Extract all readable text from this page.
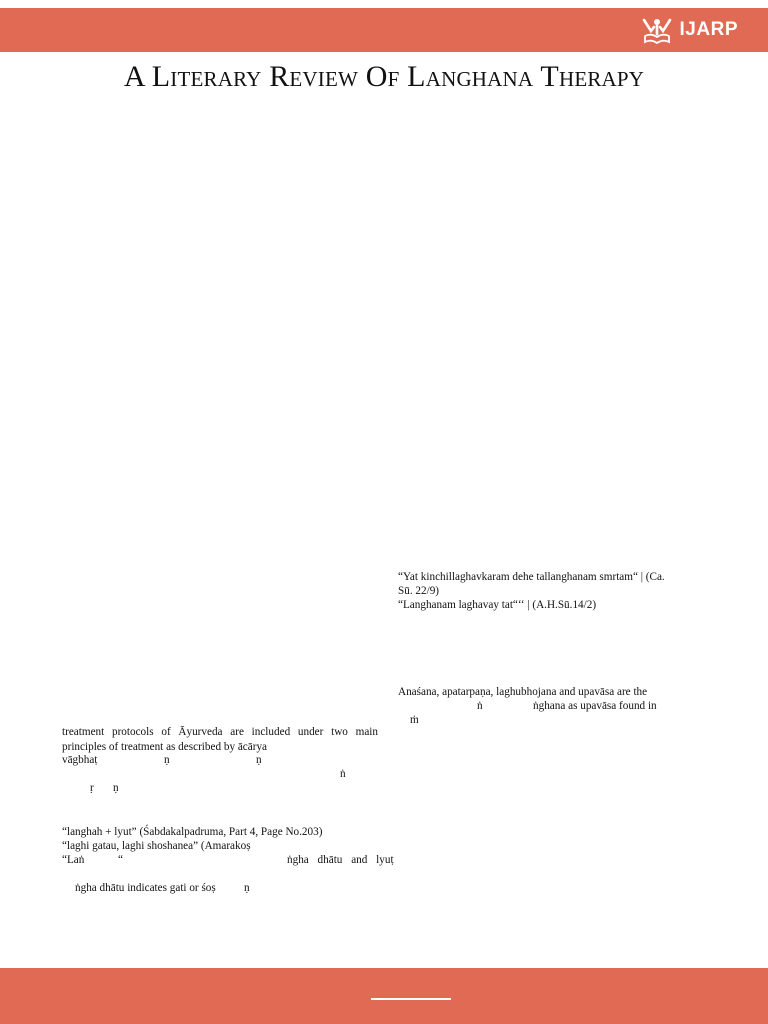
IJARP
A Literary Review Of Langhana Therapy

treatment protocols of Āyurveda are included under two main principles of treatment as described by ācārya

vāgbhaṭ	ṇ	ṇ

ṅ

ṛ ṇ

“langhah + lyut” (Śabdakalpadruma, Part 4, Page No.203)

“laghi gatau, laghi shoshanea” (Amarakoṣ

“Laṅ	“	ṅgha dhātu and lyuṭ

ṅgha dhātu indicates gati or śoṣ	ṇ

“Yat kinchillaghavkaram dehe tallanghanam smrtam“ | (Ca.

Sū. 22/9)

“Langhanam laghavay tat“‘‘ | (A.H.Sū.14/2)

Anaśana, apatarpaṇa, laghubhojana and upavāsa are the

ṅ	ṅghana as upavāsa found in

ṁ
